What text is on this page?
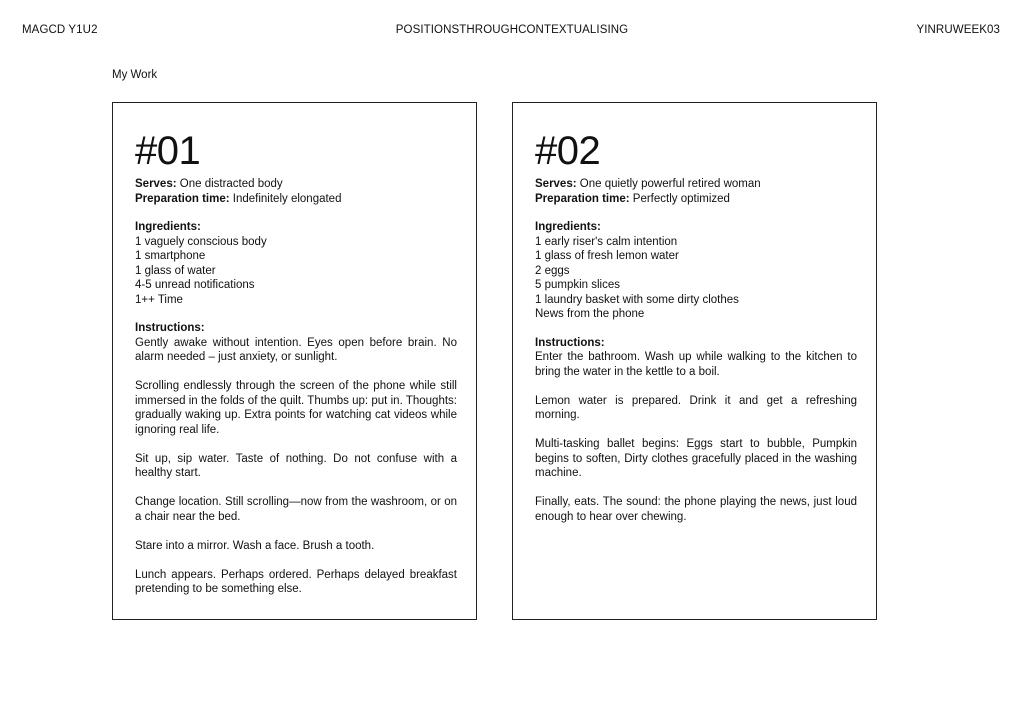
MAGCD Y1U2	POSITIONSTHROUGHCONTEXTUALISING	YINRUWEEK03
My Work
#01
Serves: One distracted body
Preparation time: Indefinitely elongated
Ingredients:
1 vaguely conscious body
1 smartphone
1 glass of water
4-5 unread notifications
1++ Time
Instructions:

Gently awake without intention. Eyes open before brain. No alarm needed – just anxiety, or sunlight.

Scrolling endlessly through the screen of the phone while still immersed in the folds of the quilt. Thumbs up: put in. Thoughts: gradually waking up. Extra points for watching cat videos while ignoring real life.

Sit up, sip water. Taste of nothing. Do not confuse with a healthy start.

Change location. Still scrolling—now from the washroom, or on a chair near the bed.

Stare into a mirror. Wash a face. Brush a tooth.

Lunch appears. Perhaps ordered. Perhaps delayed breakfast pretending to be something else.

#02
Serves: One quietly powerful retired woman
Preparation time: Perfectly optimized
Ingredients:
1 early riser's calm intention
1 glass of fresh lemon water
2 eggs
5 pumpkin slices
1 laundry basket with some dirty clothes
News from the phone
Instructions:

Enter the bathroom. Wash up while walking to the kitchen to bring the water in the kettle to a boil.

Lemon water is prepared. Drink it and get a refreshing morning.

Multi-tasking ballet begins: Eggs start to bubble, Pumpkin begins to soften, Dirty clothes gracefully placed in the washing machine.

Finally, eats. The sound: the phone playing the news, just loud enough to hear over chewing.
